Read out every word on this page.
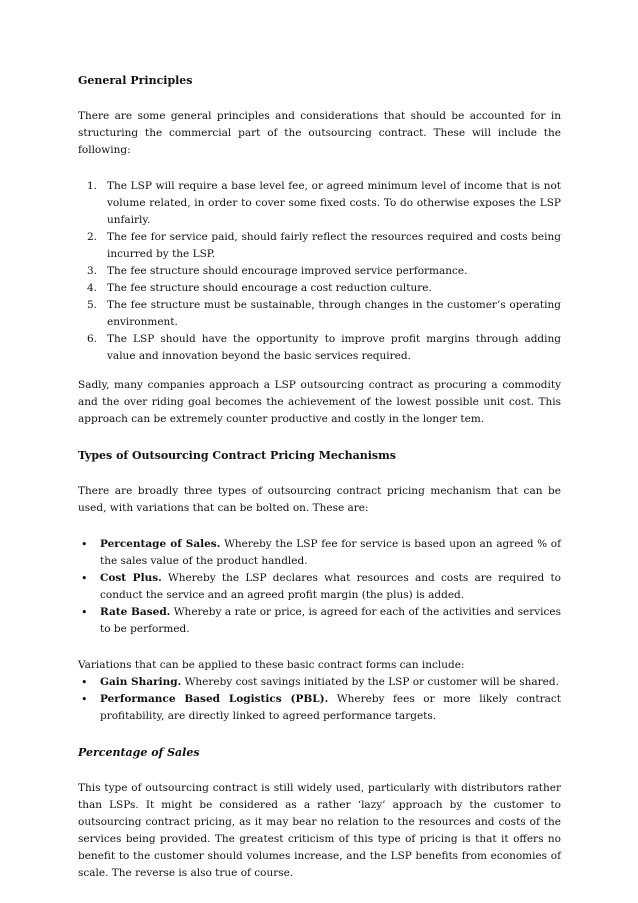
General Principles

There are some general principles and considerations that should be accounted for in structuring the commercial part of the outsourcing contract. These will include the following:

1. The LSP will require a base level fee, or agreed minimum level of income that is not volume related, in order to cover some fixed costs. To do otherwise exposes the LSP unfairly.
2. The fee for service paid, should fairly reflect the resources required and costs being incurred by the LSP.
3. The fee structure should encourage improved service performance.
4. The fee structure should encourage a cost reduction culture.
5. The fee structure must be sustainable, through changes in the customer’s operating environment.
6. The LSP should have the opportunity to improve profit margins through adding value and innovation beyond the basic services required.

Sadly, many companies approach a LSP outsourcing contract as procuring a commodity and the over riding goal becomes the achievement of the lowest possible unit cost. This approach can be extremely counter productive and costly in the longer tem.

Types of Outsourcing Contract Pricing Mechanisms

There are broadly three types of outsourcing contract pricing mechanism that can be used, with variations that can be bolted on. These are:

• Percentage of Sales. Whereby the LSP fee for service is based upon an agreed % of the sales value of the product handled.
• Cost Plus. Whereby the LSP declares what resources and costs are required to conduct the service and an agreed profit margin (the plus) is added.
• Rate Based. Whereby a rate or price, is agreed for each of the activities and services to be performed.

Variations that can be applied to these basic contract forms can include:

• Gain Sharing. Whereby cost savings initiated by the LSP or customer will be shared.
• Performance Based Logistics (PBL). Whereby fees or more likely contract profitability, are directly linked to agreed performance targets.
Percentage of Sales

This type of outsourcing contract is still widely used, particularly with distributors rather than LSPs. It might be considered as a rather ‘lazy’ approach by the customer to outsourcing contract pricing, as it may bear no relation to the resources and costs of the services being provided. The greatest criticism of this type of pricing is that it offers no benefit to the customer should volumes increase, and the LSP benefits from economies of scale. The reverse is also true of course.
